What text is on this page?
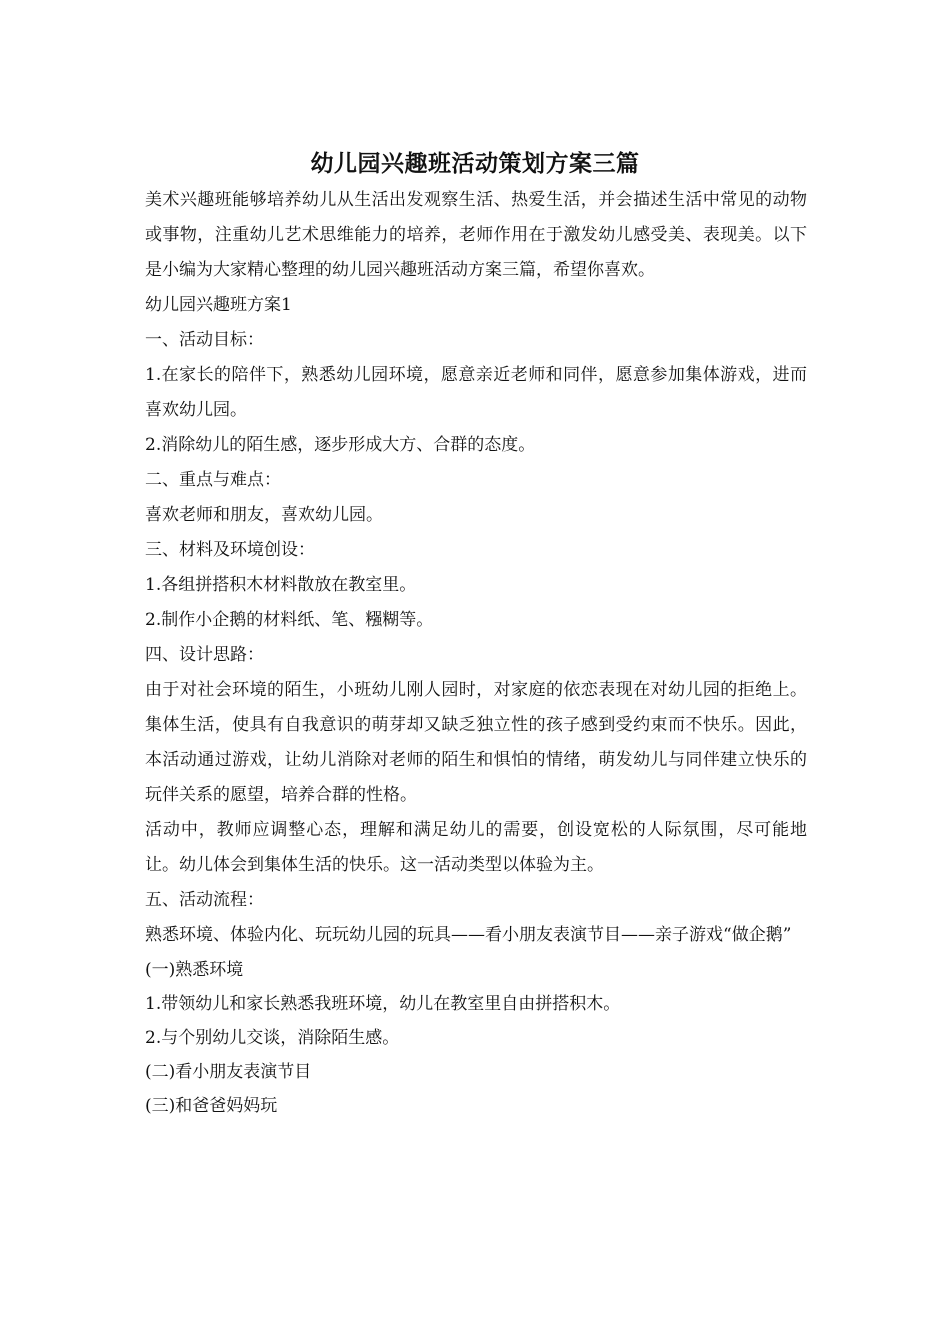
幼儿园兴趣班活动策划方案三篇

美术兴趣班能够培养幼儿从生活出发观察生活、热爱生活，并会描述生活中常见的动物或事物，注重幼儿艺术思维能力的培养，老师作用在于激发幼儿感受美、表现美。以下是小编为大家精心整理的幼儿园兴趣班活动方案三篇，希望你喜欢。

幼儿园兴趣班方案1

一、活动目标：

1.在家长的陪伴下，熟悉幼儿园环境，愿意亲近老师和同伴，愿意参加集体游戏，进而喜欢幼儿园。

2.消除幼儿的陌生感，逐步形成大方、合群的态度。

二、重点与难点：

喜欢老师和朋友，喜欢幼儿园。

三、材料及环境创设：

1.各组拼搭积木材料散放在教室里。

2.制作小企鹅的材料纸、笔、糨糊等。

四、设计思路：

由于对社会环境的陌生，小班幼儿刚人园时，对家庭的依恋表现在对幼儿园的拒绝上。集体生活，使具有自我意识的萌芽却又缺乏独立性的孩子感到受约束而不快乐。因此，本活动通过游戏，让幼儿消除对老师的陌生和惧怕的情绪，萌发幼儿与同伴建立快乐的玩伴关系的愿望，培养合群的性格。

活动中，教师应调整心态，理解和满足幼儿的需要，创设宽松的人际氛围，尽可能地让。幼儿体会到集体生活的快乐。这一活动类型以体验为主。

五、活动流程：

熟悉环境、体验内化、玩玩幼儿园的玩具——看小朋友表演节目——亲子游戏“做企鹅”

(一)熟悉环境

1.带领幼儿和家长熟悉我班环境，幼儿在教室里自由拼搭积木。

2.与个别幼儿交谈，消除陌生感。

(二)看小朋友表演节目

(三)和爸爸妈妈玩
